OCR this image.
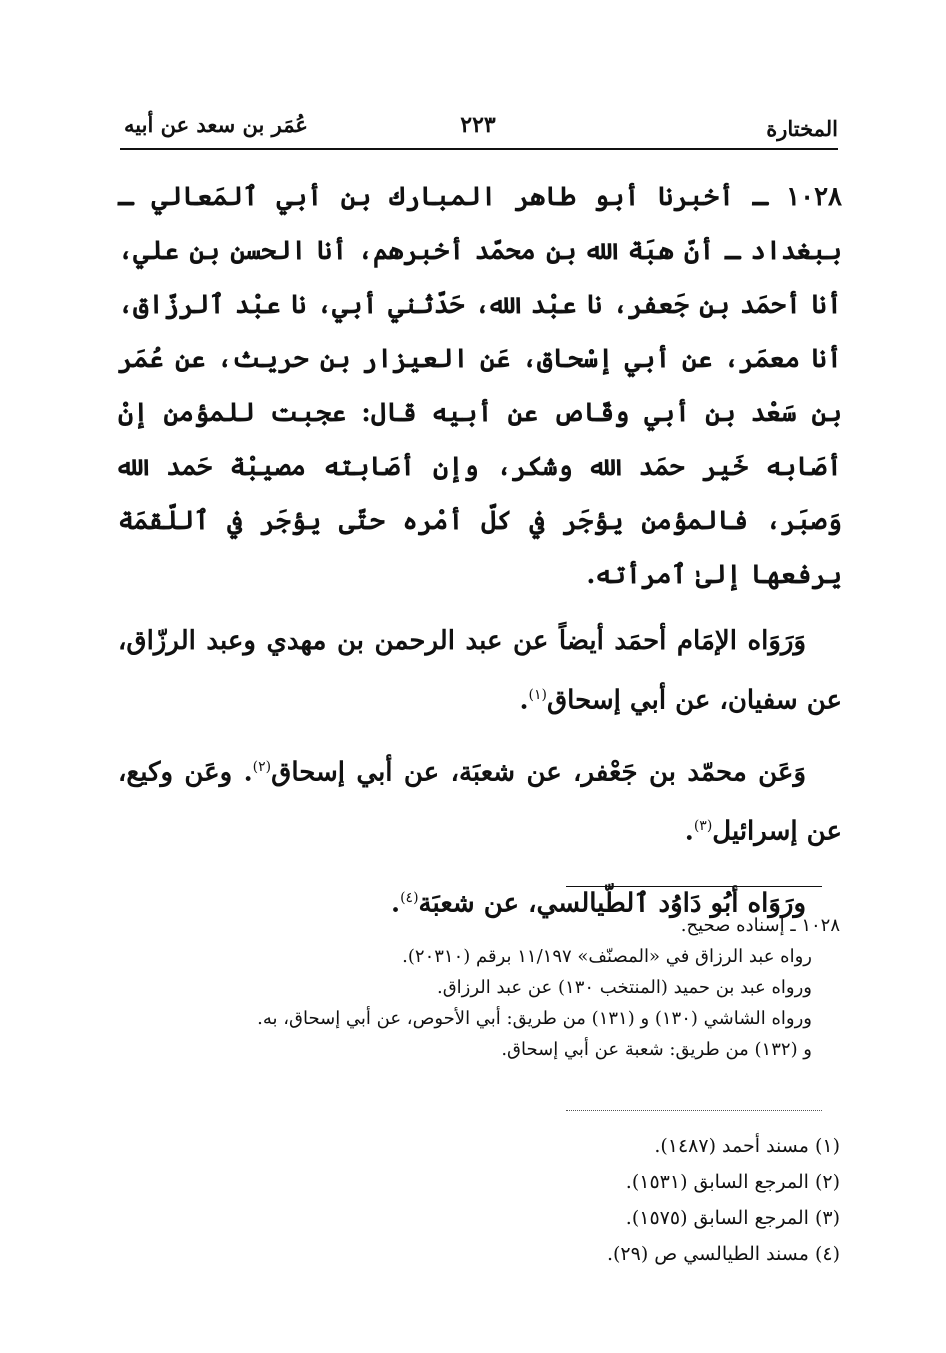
المختارة
٢٢٣
عُمَر بن سعد عن أبيه

١٠٢٨ ـ أخبرنا أبو طاهر المبارك بن أبي ٱلمَعالي ـ ببغداد ـ أنّ هبَة الله بن محمّد أخبرهم، أنا الحسن بن علي، أنا أحمَد بن جَعفر، نا عبْد الله، حَدّثني أبي، نا عبْد ٱلرزّاق، أنا معمَر، عن أبي إسْحاق، عَن العيزار بن حريث، عن عُمَر بن سَعْد بن أبي وقّاص عن أبيه قال: عجبت للمؤمن إنْ أصَابه خَير حمَد الله وشكر، وإن أصَابته مصيبْة حَمد الله وَصبَر، فالمؤمن يؤجَر في كلّ أمْره حتّى يؤجَر في ٱللّقمَة يرفعها إلىٰ ٱمرأته.

وَرَوَاه الإمَام أحمَد أيضاً عن عبد الرحمن بن مهدي وعبد الرزّاق، عن سفيان، عن أبي إسحاق$^{(١)}$.

وَعَن محمّد بن جَعْفر، عن شعبَة، عن أبي إسحاق$^{(٢)}$. وعَن وكيع، عن إسرائيل$^{(٣)}$.

ورَوَاه أبُو دَاوُد ٱلطّيالسي، عن شعبَة$^{(٤)}$.

١٠٢٨ ـ إسناده صحيح.

رواه عبد الرزاق في «المصنّف» ١١/١٩٧ برقم (٢٠٣١٠).

ورواه عبد بن حميد (المنتخب ١٣٠) عن عبد الرزاق.

ورواه الشاشي (١٣٠) و (١٣١) من طريق: أبي الأحوص، عن أبي إسحاق، به.

و (١٣٢) من طريق: شعبة عن أبي إسحاق.

(١) مسند أحمد (١٤٨٧).

(٢) المرجع السابق (١٥٣١).

(٣) المرجع السابق (١٥٧٥).

(٤) مسند الطيالسي ص (٢٩).
